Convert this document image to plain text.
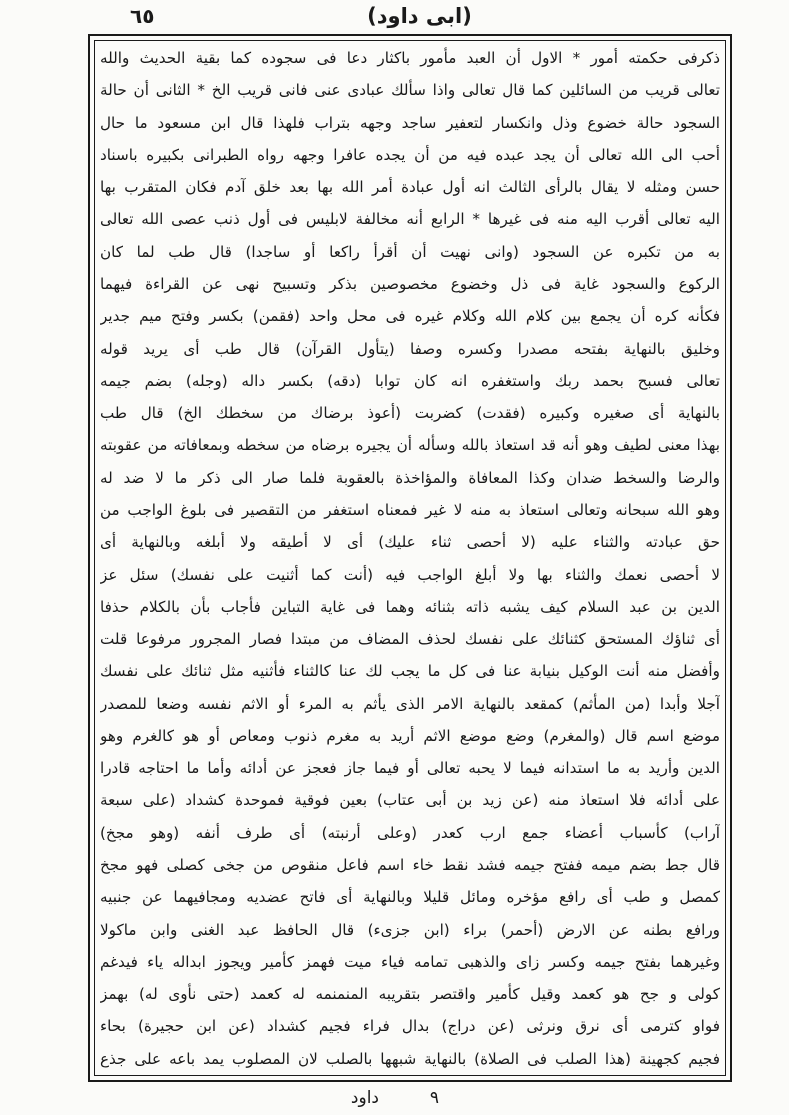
٦٥	(ابى داود)
ذكرفى حكمته أمور * الاول أن العبد مأمور باكثار دعا فى سجوده كما بقية الحديث والله
تعالى قريب من السائلين كما قال تعالى واذا سألك عبادى عنى فانى قريب الخ * الثانى أن حالة
السجود حالة خضوع وذل وانكسار لتعفير ساجد وجهه بتراب فلهذا قال ابن مسعود ما حال
أحب الى الله تعالى أن يجد عبده فيه من أن يجده عافرا وجهه رواه الطبرانى بكبيره باسناد
حسن ومثله لا يقال بالرأى الثالث انه أول عبادة أمر الله بها بعد خلق آدم فكان المتقرب بها
اليه تعالى أقرب اليه منه فى غيرها * الرابع أنه مخالفة لابليس فى أول ذنب عصى الله تعالى
به من تكبره عن السجود (وانى نهيت أن أقرأ راكعا أو ساجدا) قال طب لما كان
الركوع والسجود غاية فى ذل وخضوع مخصوصين بذكر وتسبيح نهى عن القراءة فيهما
فكأنه كره أن يجمع بين كلام الله وكلام غيره فى محل واحد (فقمن) بكسر وفتح ميم جدير
وخليق بالنهاية بفتحه مصدرا وكسره وصفا (يتأول القرآن) قال طب أى يريد قوله
تعالى فسبح بحمد ربك واستغفره انه كان توابا (دقه) بكسر داله (وجله) بضم جيمه
بالنهاية أى صغيره وكبيره (فقدت) كضربت (أعوذ برضاك من سخطك الخ) قال طب
بهذا معنى لطيف وهو أنه قد استعاذ بالله وسأله أن يجيره برضاه من سخطه وبمعافاته من عقوبته
والرضا والسخط ضدان وكذا المعافاة والمؤاخذة بالعقوبة فلما صار الى ذكر ما لا ضد له
وهو الله سبحانه وتعالى استعاذ به منه لا غير فمعناه استغفر من التقصير فى بلوغ الواجب من
حق عبادته والثناء عليه (لا أحصى ثناء عليك) أى لا أطيقه ولا أبلغه وبالنهاية أى
لا أحصى نعمك والثناء بها ولا أبلغ الواجب فيه (أنت كما أثنيت على نفسك) سئل عز
الدين بن عبد السلام كيف يشبه ذاته بثنائه وهما فى غاية التباين فأجاب بأن بالكلام حذفا
أى ثناؤك المستحق كثنائك على نفسك لحذف المضاف من مبتدا فصار المجرور مرفوعا قلت
وأفضل منه أنت الوكيل بنيابة عنا فى كل ما يجب لك عنا كالثناء فأثنيه مثل ثنائك على نفسك
آجلا وأبدا (من المأثم) كمقعد بالنهاية الامر الذى يأثم به المرء أو الاثم نفسه وضعا للمصدر
موضع اسم قال (والمغرم) وضع موضع الاثم أريد به مغرم ذنوب ومعاص أو هو كالغرم وهو
الدين وأريد به ما استدانه فيما لا يحبه تعالى أو فيما جاز فعجز عن أدائه وأما ما احتاجه قادرا
على أدائه فلا استعاذ منه (عن زيد بن أبى عتاب) بعين فوقية فموحدة كشداد (على سبعة
آراب) كأسباب أعضاء جمع ارب كعدر (وعلى أرنبته) أى طرف أنفه (وهو مجخ)
قال جط بضم ميمه ففتح جيمه فشد نقط خاء اسم فاعل منقوص من جخى كصلى فهو مجخ
كمصل و طب أى رافع مؤخره ومائل قليلا وبالنهاية أى فاتح عضديه ومجافيهما عن جنبيه
ورافع بطنه عن الارض (أحمر) براء (ابن جزىء) قال الحافظ عبد الغنى وابن ماكولا
وغيرهما بفتح جيمه وكسر زاى والذهبى تمامه فياء ميت فهمز كأمير ويجوز ابداله ياء فيدغم
كولى و جح هو كعمد وقيل كأمير واقتصر بتقريبه المنمنمه له كعمد (حتى نأوى له) بهمز
فواو كترمى أى نرق ونرثى (عن دراج) بدال فراء فجيم كشداد (عن ابن حجيرة) بحاء
فجيم كجهينة (هذا الصلب فى الصلاة) بالنهاية شبهها بالصلب لان المصلوب يمد باعه على جذع
٩
داود
